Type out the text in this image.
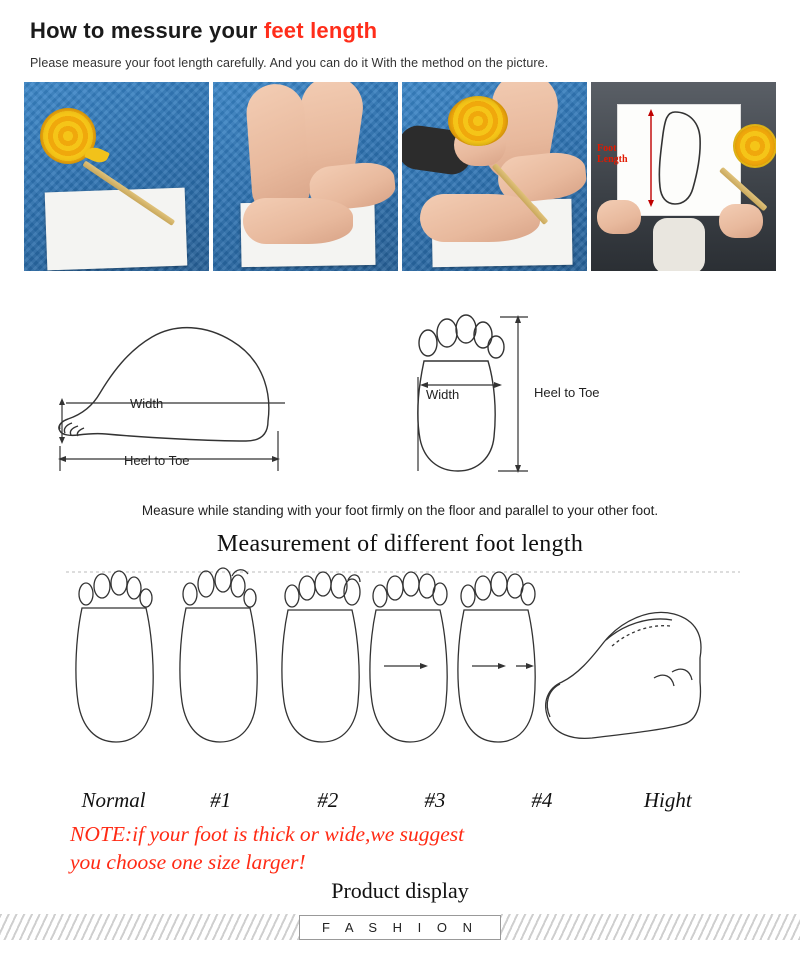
How to messure your feet length
Please measure your foot length carefully. And you can do it With the method on the picture.
Foot
Length
Width
Heel to Toe
Width	Heel to Toe
Measure while standing with your foot firmly on the floor and parallel to your other foot.
Measurement of different foot length
Normal	#1	#2	#3	#4	Hight
NOTE:if your foot is thick or wide,we suggest
you choose one size larger!
Product display
F A S H I O N
